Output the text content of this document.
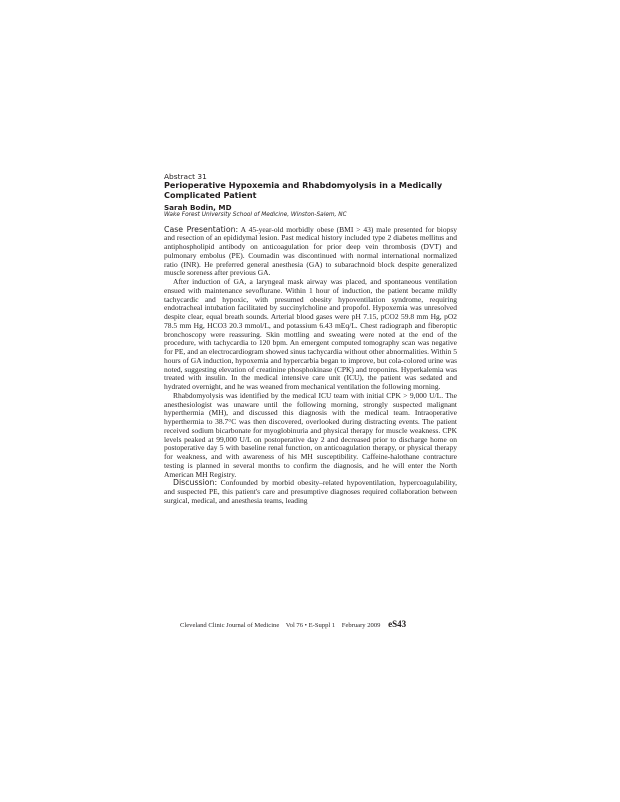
Abstract 31

Perioperative Hypoxemia and Rhabdomyolysis in a Medically Complicated Patient

Sarah Bodin, MD

Wake Forest University School of Medicine, Winston-Salem, NC

Case Presentation: A 45-year-old morbidly obese (BMI > 43) male presented for biopsy and resection of an epididymal lesion. Past medical history included type 2 diabetes mellitus and antiphospholipid antibody on anticoagulation for prior deep vein thrombosis (DVT) and pulmonary embolus (PE). Coumadin was discontinued with normal international normalized ratio (INR). He preferred general anesthesia (GA) to subarachnoid block despite generalized muscle soreness after previous GA.

After induction of GA, a laryngeal mask airway was placed, and spontaneous ventilation ensued with maintenance sevoflurane. Within 1 hour of induction, the patient became mildly tachycardic and hypoxic, with presumed obesity hypoventilation syndrome, requiring endotracheal intubation facilitated by succinylcholine and propofol. Hypoxemia was unresolved despite clear, equal breath sounds. Arterial blood gases were pH 7.15, pCO2 59.8 mm Hg, pO2 78.5 mm Hg, HCO3 20.3 mmol/L, and potassium 6.43 mEq/L. Chest radiograph and fiberoptic bronchoscopy were reassuring. Skin mottling and sweating were noted at the end of the procedure, with tachycardia to 120 bpm. An emergent computed tomography scan was negative for PE, and an electrocardiogram showed sinus tachycardia without other abnormalities. Within 5 hours of GA induction, hypoxemia and hypercarbia began to improve, but cola-colored urine was noted, suggesting elevation of creatinine phosphokinase (CPK) and troponins. Hyperkalemia was treated with insulin. In the medical intensive care unit (ICU), the patient was sedated and hydrated overnight, and he was weaned from mechanical ventilation the following morning.

Rhabdomyolysis was identified by the medical ICU team with initial CPK > 9,000 U/L. The anesthesiologist was unaware until the following morning, strongly suspected malignant hyperthermia (MH), and discussed this diagnosis with the medical team. Intraoperative hyperthermia to 38.7°C was then discovered, overlooked during distracting events. The patient received sodium bicarbonate for myoglobinuria and physical therapy for muscle weakness. CPK levels peaked at 99,000 U/L on postoperative day 2 and decreased prior to discharge home on postoperative day 5 with baseline renal function, on anticoagulation therapy, or physical therapy for weakness, and with awareness of his MH susceptibility. Caffeine-halothane contracture testing is planned in several months to confirm the diagnosis, and he will enter the North American MH Registry.

Discussion: Confounded by morbid obesity–related hypoventilation, hypercoagulability, and suspected PE, this patient's care and presumptive diagnoses required collaboration between surgical, medical, and anesthesia teams, leading

Cleveland Clinic Journal of Medicine Vol 76 • E-Suppl 1 February 2009 eS43
